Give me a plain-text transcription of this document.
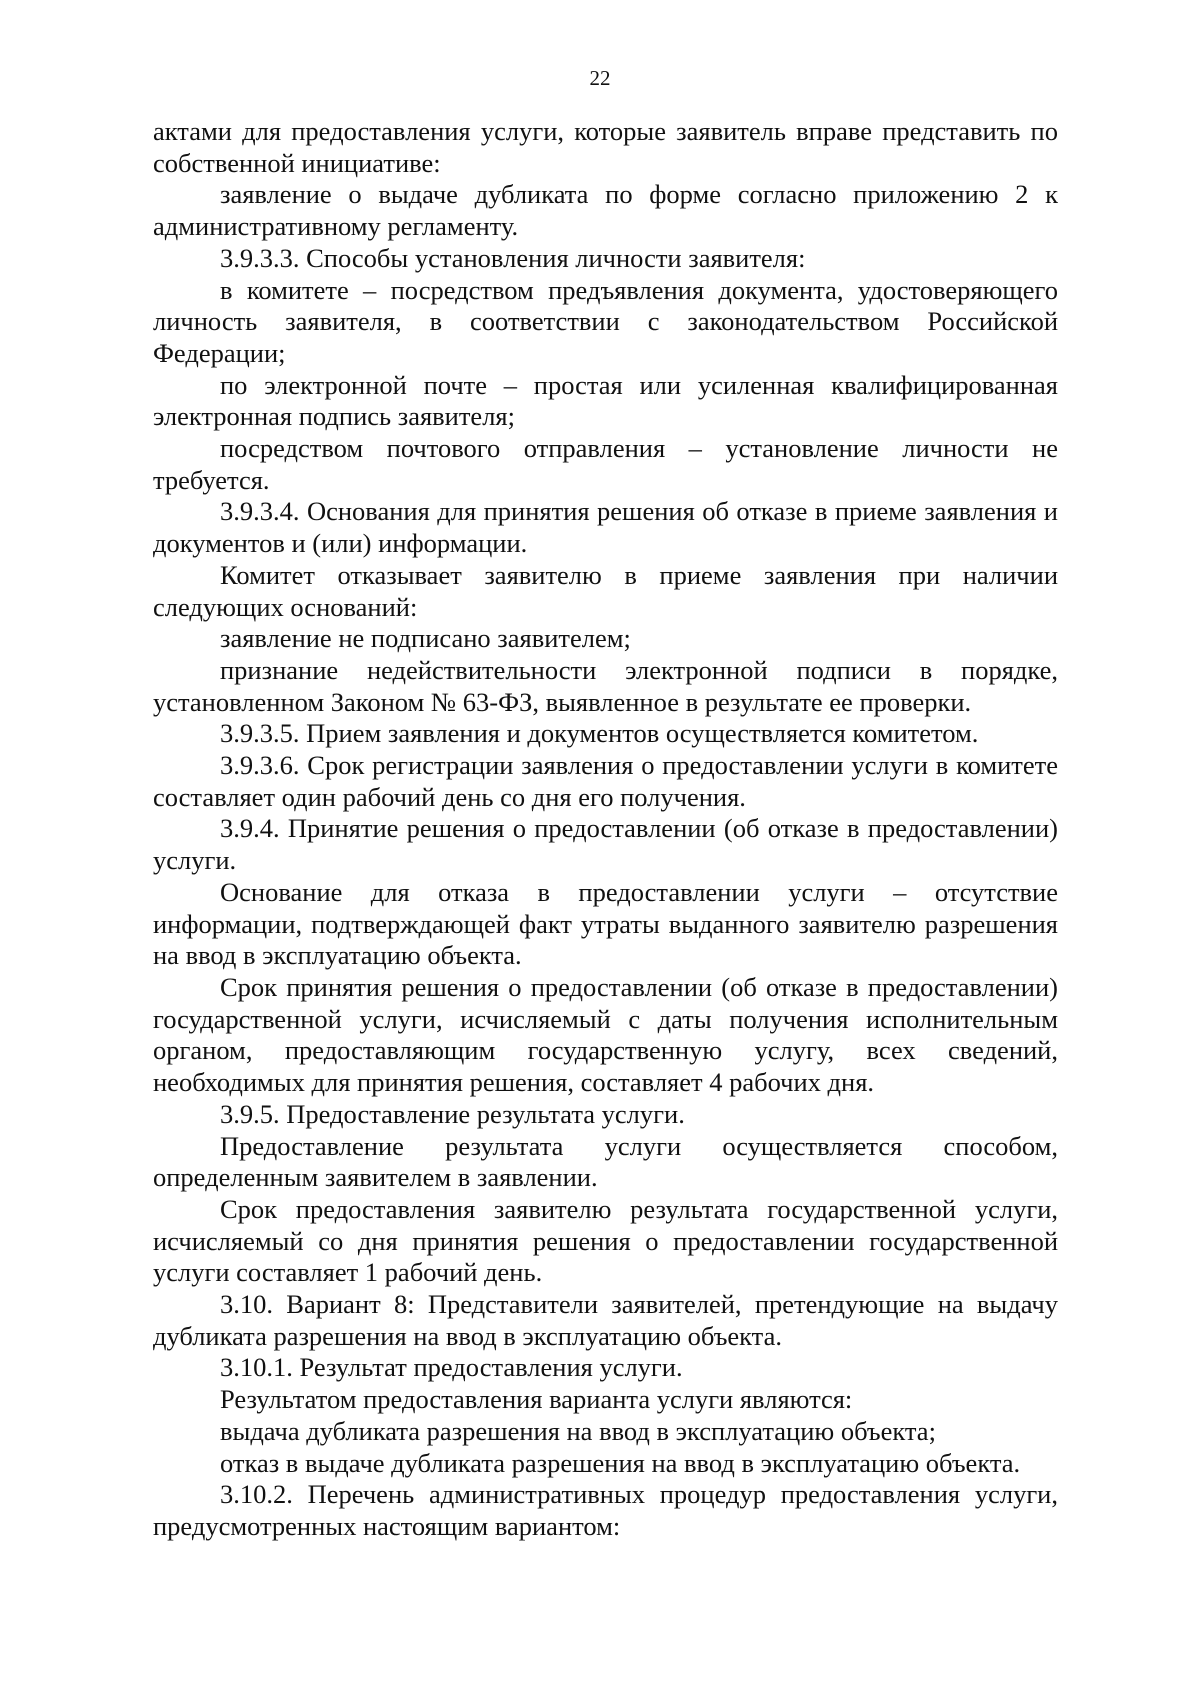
22

актами для предоставления услуги, которые заявитель вправе представить по собственной инициативе:

заявление о выдаче дубликата по форме согласно приложению 2 к административному регламенту.

3.9.3.3. Способы установления личности заявителя:

в комитете – посредством предъявления документа, удостоверяющего личность заявителя, в соответствии с законодательством Российской Федерации;

по электронной почте – простая или усиленная квалифицированная электронная подпись заявителя;

посредством почтового отправления – установление личности не требуется.

3.9.3.4. Основания для принятия решения об отказе в приеме заявления и документов и (или) информации.

Комитет отказывает заявителю в приеме заявления при наличии следующих оснований:

заявление не подписано заявителем;

признание недействительности электронной подписи в порядке, установленном Законом № 63-ФЗ, выявленное в результате ее проверки.

3.9.3.5. Прием заявления и документов осуществляется комитетом.

3.9.3.6. Срок регистрации заявления о предоставлении услуги в комитете составляет один рабочий день со дня его получения.

3.9.4. Принятие решения о предоставлении (об отказе в предоставлении) услуги.

Основание для отказа в предоставлении услуги – отсутствие информации, подтверждающей факт утраты выданного заявителю разрешения на ввод в эксплуатацию объекта.

Срок принятия решения о предоставлении (об отказе в предоставлении) государственной услуги, исчисляемый с даты получения исполнительным органом, предоставляющим государственную услугу, всех сведений, необходимых для принятия решения, составляет 4 рабочих дня.

3.9.5. Предоставление результата услуги.

Предоставление результата услуги осуществляется способом, определенным заявителем в заявлении.

Срок предоставления заявителю результата государственной услуги, исчисляемый со дня принятия решения о предоставлении государственной услуги составляет 1 рабочий день.

3.10. Вариант 8: Представители заявителей, претендующие на выдачу дубликата разрешения на ввод в эксплуатацию объекта.

3.10.1. Результат предоставления услуги.

Результатом предоставления варианта услуги являются:

выдача дубликата разрешения на ввод в эксплуатацию объекта;

отказ в выдаче дубликата разрешения на ввод в эксплуатацию объекта.

3.10.2. Перечень административных процедур предоставления услуги, предусмотренных настоящим вариантом:
